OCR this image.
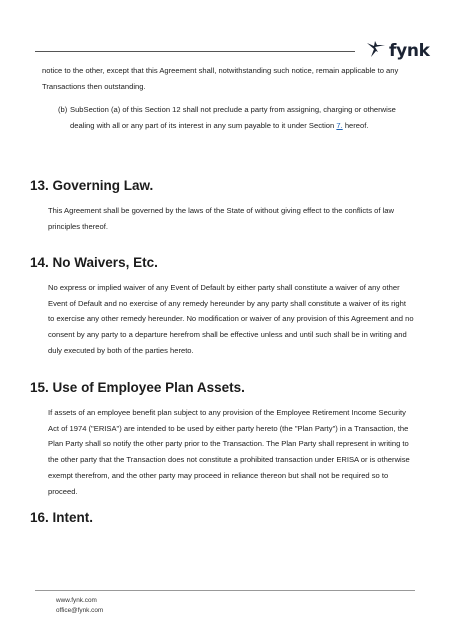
fynk
notice to the other, except that this Agreement shall, notwithstanding such notice, remain applicable to any Transactions then outstanding.
(b) SubSection (a) of this Section 12 shall not preclude a party from assigning, charging or otherwise dealing with all or any part of its interest in any sum payable to it under Section 7. hereof.
13. Governing Law.
This Agreement shall be governed by the laws of the State of without giving effect to the conflicts of law principles thereof.
14. No Waivers, Etc.
No express or implied waiver of any Event of Default by either party shall constitute a waiver of any other Event of Default and no exercise of any remedy hereunder by any party shall constitute a waiver of its right to exercise any other remedy hereunder. No modification or waiver of any provision of this Agreement and no consent by any party to a departure herefrom shall be effective unless and until such shall be in writing and duly executed by both of the parties hereto.
15. Use of Employee Plan Assets.
If assets of an employee benefit plan subject to any provision of the Employee Retirement Income Security Act of 1974 ("ERISA") are intended to be used by either party hereto (the "Plan Party") in a Transaction, the Plan Party shall so notify the other party prior to the Transaction. The Plan Party shall represent in writing to the other party that the Transaction does not constitute a prohibited transaction under ERISA or is otherwise exempt therefrom, and the other party may proceed in reliance thereon but shall not be required so to proceed.
16. Intent.
www.fynk.com
office@fynk.com
